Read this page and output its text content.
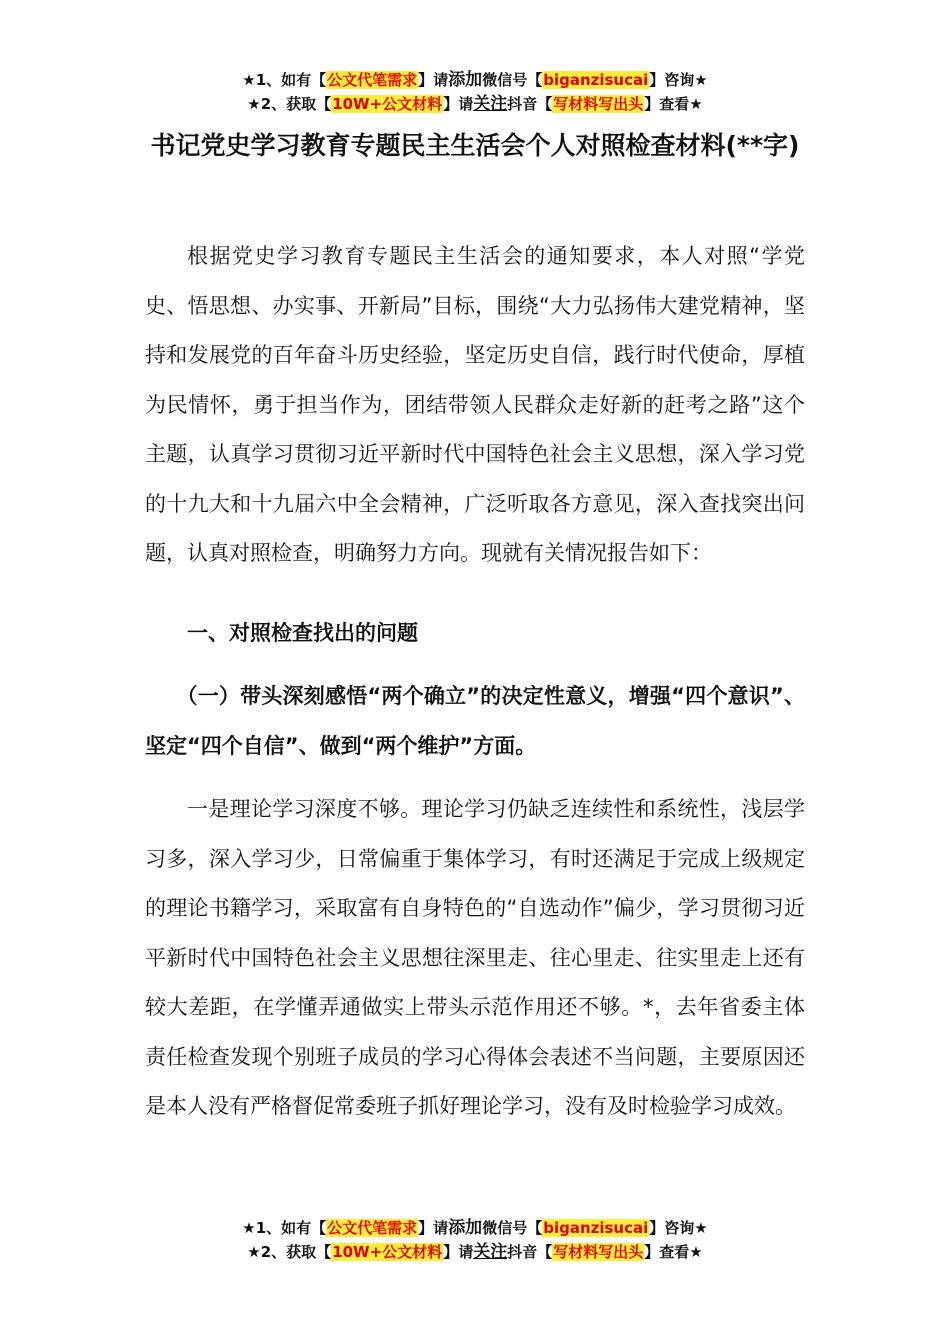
★1、如有【公文代笔需求】请添加微信号【biganzisucai】咨询★
★2、获取【10W+公文材料】请关注抖音【写材料写出头】查看★
书记党史学习教育专题民主生活会个人对照检查材料(**字)

根据党史学习教育专题民主生活会的通知要求，本人对照“学党史、悟思想、办实事、开新局”目标，围绕“大力弘扬伟大建党精神，坚持和发展党的百年奋斗历史经验，坚定历史自信，践行时代使命，厚植为民情怀，勇于担当作为，团结带领人民群众走好新的赶考之路”这个主题，认真学习贯彻习近平新时代中国特色社会主义思想，深入学习党的十九大和十九届六中全会精神，广泛听取各方意见，深入查找突出问题，认真对照检查，明确努力方向。现就有关情况报告如下：

一、对照检查找出的问题

（一）带头深刻感悟“两个确立”的决定性意义，增强“四个意识”、坚定“四个自信”、做到“两个维护”方面。

一是理论学习深度不够。理论学习仍缺乏连续性和系统性，浅层学习多，深入学习少，日常偏重于集体学习，有时还满足于完成上级规定的理论书籍学习，采取富有自身特色的“自选动作”偏少，学习贯彻习近平新时代中国特色社会主义思想往深里走、往心里走、往实里走上还有较大差距，在学懂弄通做实上带头示范作用还不够。*，去年省委主体责任检查发现个别班子成员的学习心得体会表述不当问题，主要原因还是本人没有严格督促常委班子抓好理论学习，没有及时检验学习成效。

★1、如有【公文代笔需求】请添加微信号【biganzisucai】咨询★
★2、获取【10W+公文材料】请关注抖音【写材料写出头】查看★
